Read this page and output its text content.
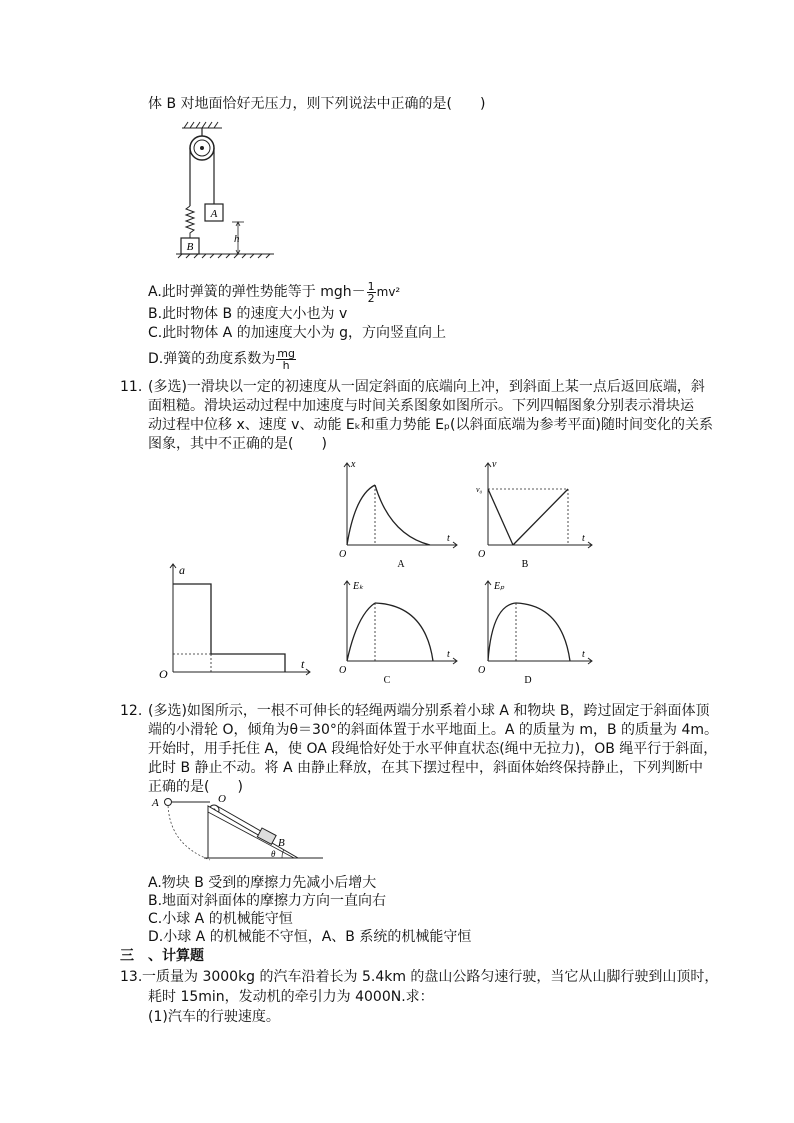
体 B 对地面恰好无压力，则下列说法中正确的是(　　)
A
B
h
A.此时弹簧的弹性势能等于 $mgh- \frac{1}{2} mv^2$
B.此时物体 B 的速度大小也为 v
C.此时物体 A 的加速度大小为 g，方向竖直向上
D.弹簧的劲度系数为 $\frac{mg}{h}$
11. (多选)一滑块以一定的初速度从一固定斜面的底端向上冲，到斜面上某一点后返回底端，斜
面粗糙。滑块运动过程中加速度与时间关系图象如图所示。下列四幅图象分别表示滑块运
动过程中位移 x、速度 v、动能 Eₖ和重力势能 Eₚ(以斜面底端为参考平面)随时间变化的关系
图象，其中不正确的是(　　)
x
t
O
A
v
v₀
t
O
B
a
t
O
Eₖ
t
O
C
Eₚ
t
O
D
12. (多选)如图所示，一根不可伸长的轻绳两端分别系着小球 A 和物块 B，跨过固定于斜面体顶
端的小滑轮 O，倾角为θ＝30°的斜面体置于水平地面上。A 的质量为 m，B 的质量为 4m。
开始时，用手托住 A，使 OA 段绳恰好处于水平伸直状态(绳中无拉力)，OB 绳平行于斜面，
此时 B 静止不动。将 A 由静止释放，在其下摆过程中，斜面体始终保持静止，下列判断中
正确的是(　　)
A	O
B
θ
A.物块 B 受到的摩擦力先减小后增大
B.地面对斜面体的摩擦力方向一直向右
C.小球 A 的机械能守恒
D.小球 A 的机械能不守恒，A、B 系统的机械能守恒
三　、计算题
13. 一质量为 3000kg 的汽车沿着长为 5.4km 的盘山公路匀速行驶，当它从山脚行驶到山顶时，
耗时 15min，发动机的牵引力为 4000N.求：
(1)汽车的行驶速度。
